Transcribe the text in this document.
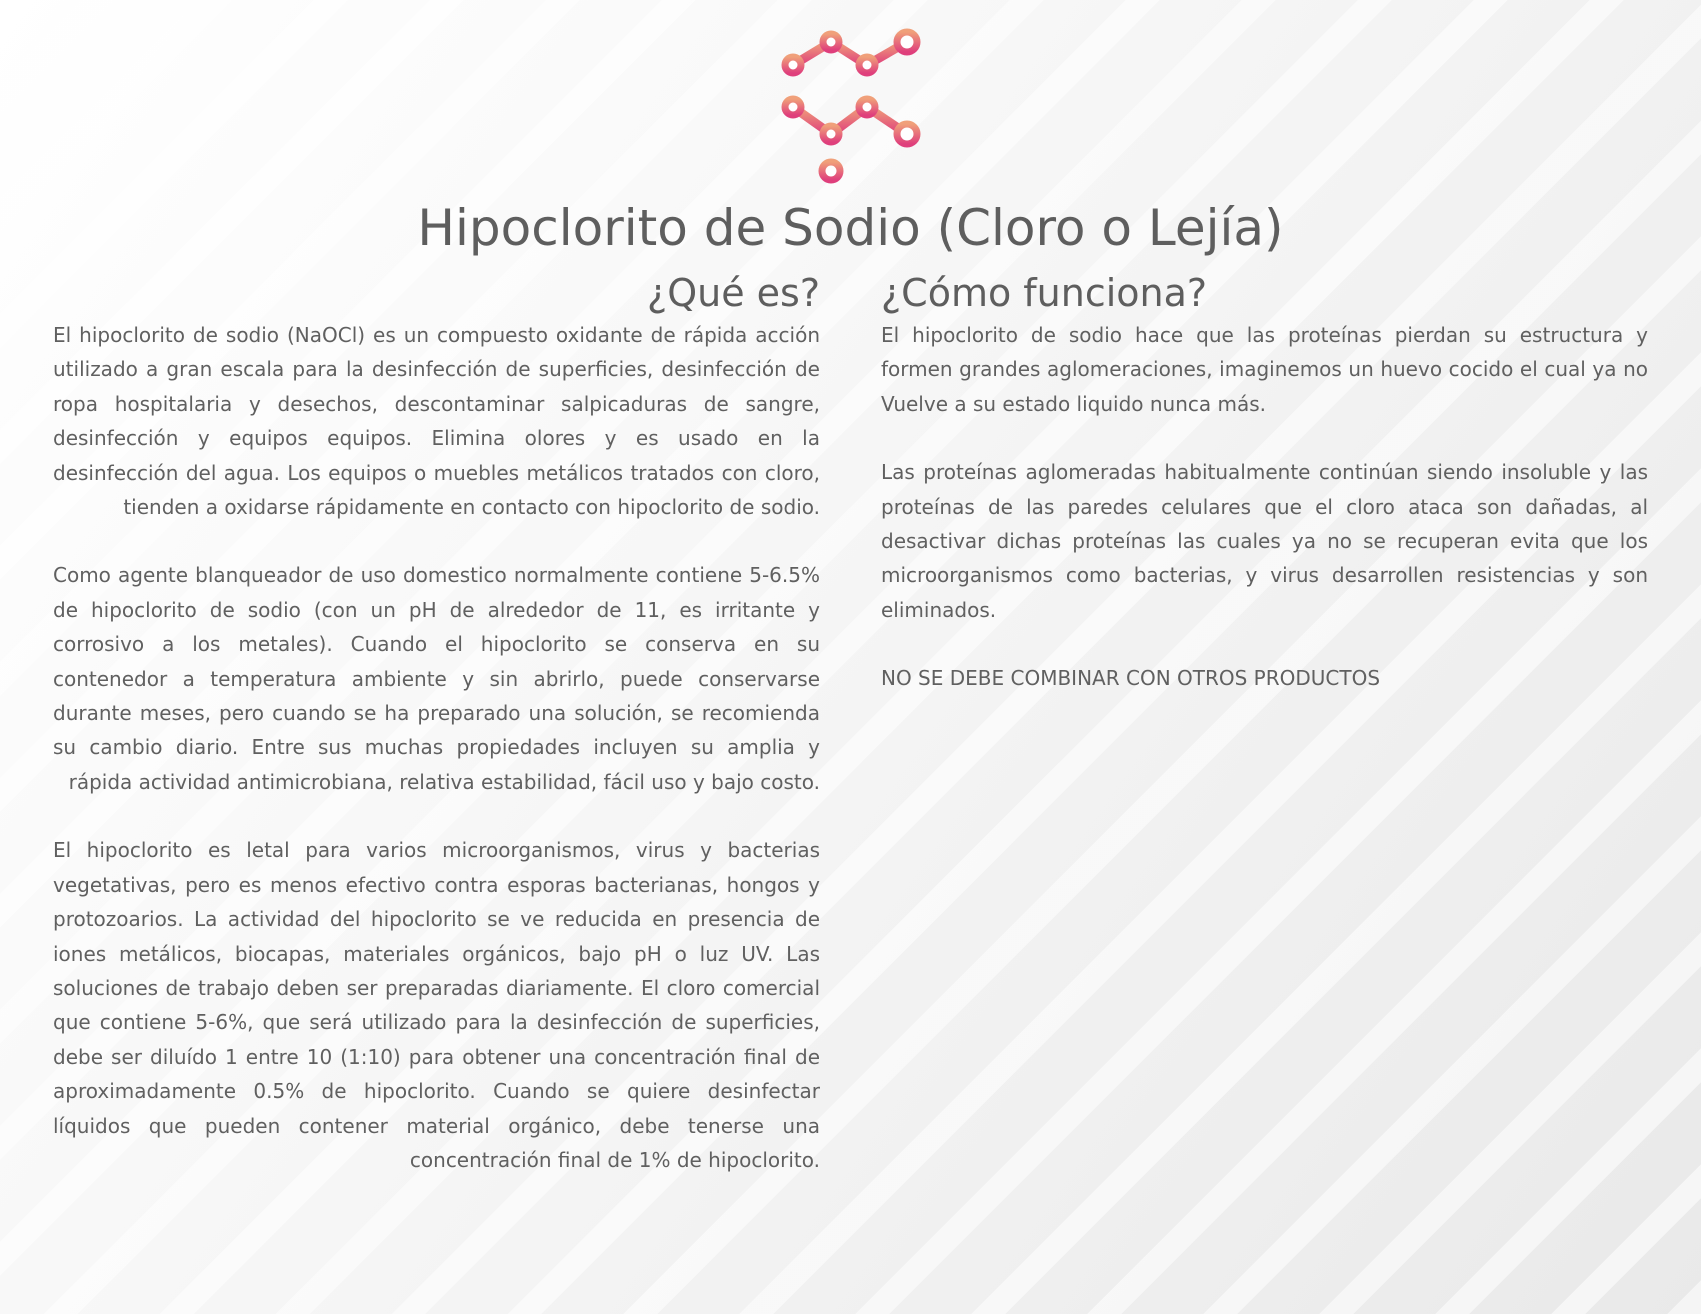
Hipoclorito de Sodio (Cloro o Lejía)
¿Qué es?

El hipoclorito de sodio (NaOCl) es un compuesto oxidante de rápida acción utilizado a gran escala para la desinfección de superficies, desinfección de ropa hospitalaria y desechos, descontaminar salpicaduras de sangre, desinfección y equipos equipos. Elimina olores y es usado en la desinfección del agua. Los equipos o muebles metálicos tratados con cloro, tienden a oxidarse rápidamente en contacto con hipoclorito de sodio.

Como agente blanqueador de uso domestico normalmente contiene 5-6.5% de hipoclorito de sodio (con un pH de alrededor de 11, es irritante y corrosivo a los metales). Cuando el hipoclorito se conserva en su contenedor a temperatura ambiente y sin abrirlo, puede conservarse durante meses, pero cuando se ha preparado una solución, se recomienda su cambio diario. Entre sus muchas propiedades incluyen su amplia y rápida actividad antimicrobiana, relativa estabilidad, fácil uso y bajo costo.

El hipoclorito es letal para varios microorganismos, virus y bacterias vegetativas, pero es menos efectivo contra esporas bacterianas, hongos y protozoarios. La actividad del hipoclorito se ve reducida en presencia de iones metálicos, biocapas, materiales orgánicos, bajo pH o luz UV. Las soluciones de trabajo deben ser preparadas diariamente. El cloro comercial que contiene 5-6%, que será utilizado para la desinfección de superficies, debe ser diluído 1 entre 10 (1:10) para obtener una concentración final de aproximadamente 0.5% de hipoclorito. Cuando se quiere desinfectar líquidos que pueden contener material orgánico, debe tenerse una concentración final de 1% de hipoclorito.

¿Cómo funciona?

El hipoclorito de sodio hace que las proteínas pierdan su estructura y formen grandes aglomeraciones, imaginemos un huevo cocido el cual ya no Vuelve a su estado liquido nunca más.

Las proteínas aglomeradas habitualmente continúan siendo insoluble y las proteínas de las paredes celulares que el cloro ataca son dañadas, al desactivar dichas proteínas las cuales ya no se recuperan evita que los microorganismos como bacterias, y virus desarrollen resistencias y son eliminados.

NO SE DEBE COMBINAR CON OTROS PRODUCTOS
